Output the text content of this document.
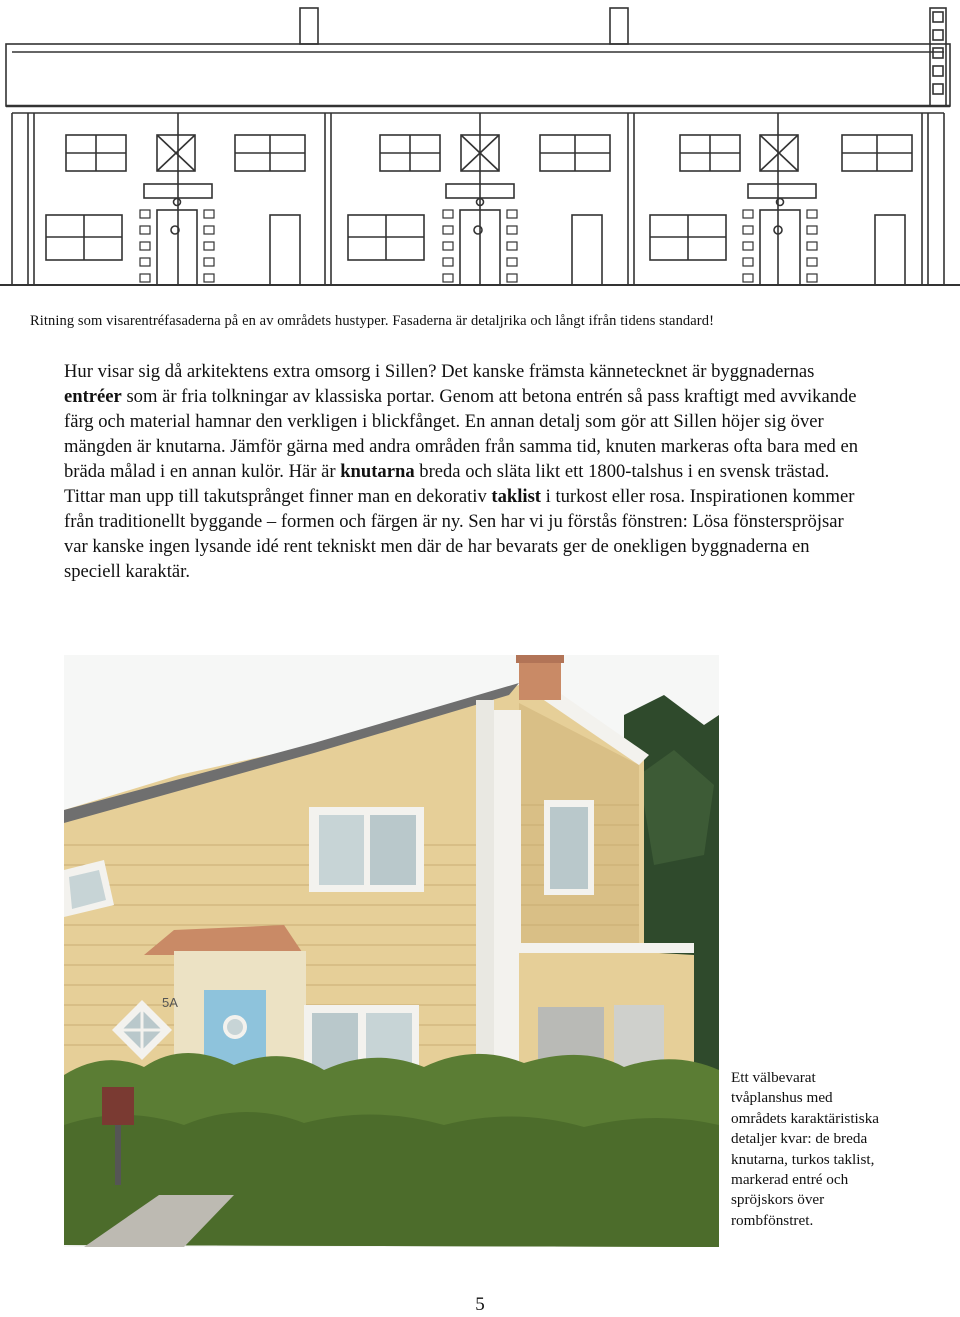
Ritning som visarentréfasaderna på en av områdets hustyper. Fasaderna är detaljrika och långt ifrån tidens standard!

Hur visar sig då arkitektens extra omsorg i Sillen? Det kanske främsta kännetecknet är byggnadernas entréer som är fria tolkningar av klassiska portar. Genom att betona entrén så pass kraftigt med avvikande färg och material hamnar den verkligen i blickfånget. En annan detalj som gör att Sillen höjer sig över mängden är knutarna. Jämför gärna med andra områden från samma tid, knuten markeras ofta bara med en bräda målad i en annan kulör. Här är knutarna breda och släta likt ett 1800-talshus i en svensk trästad. Tittar man upp till takutsprånget finner man en dekorativ taklist i turkost eller rosa. Inspirationen kommer från traditionellt byggande – formen och färgen är ny. Sen har vi ju förstås fönstren: Lösa fönsterspröjsar var kanske ingen lysande idé rent tekniskt men där de har bevarats ger de onekligen byggnaderna en speciell karaktär.

5A

Ett välbevarat
tvåplanshus med
områdets karaktäristiska
detaljer kvar: de breda
knutarna, turkos taklist,
markerad entré och
spröjskors över
rombfönstret.

5
